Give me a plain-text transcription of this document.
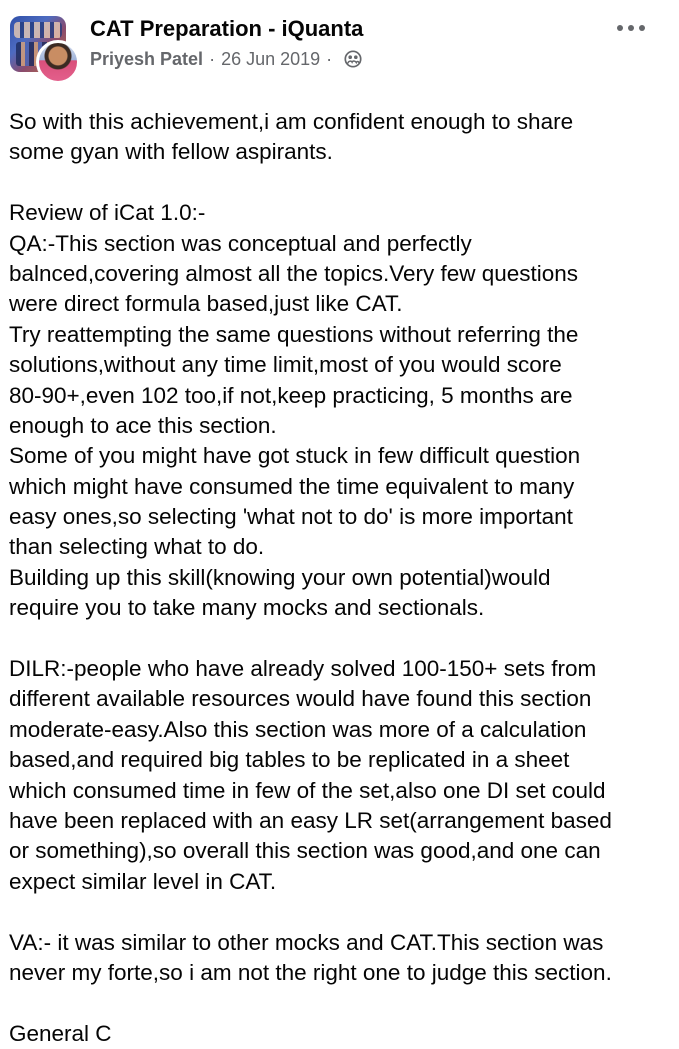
CAT Preparation - iQuanta
Priyesh Patel · 26 Jun 2019 ·

So with this achievement,i am confident enough to share
some gyan with fellow aspirants.
Review of iCat 1.0:-
QA:-This section was conceptual and perfectly
balnced,covering almost all the topics.Very few questions
were direct formula based,just like CAT.
Try reattempting the same questions without referring the
solutions,without any time limit,most of you would score
80-90+,even 102 too,if not,keep practicing, 5 months are
enough to ace this section.
Some of you might have got stuck in few difficult question
which might have consumed the time equivalent to many
easy ones,so selecting 'what not to do' is more important
than selecting what to do.
Building up this skill(knowing your own potential)would
require you to take many mocks and sectionals.
DILR:-people who have already solved 100-150+ sets from
different available resources would have found this section
moderate-easy.Also this section was more of a calculation
based,and required big tables to be replicated in a sheet
which consumed time in few of the set,also one DI set could
have been replaced with an easy LR set(arrangement based
or something),so overall this section was good,and one can
expect similar level in CAT.
VA:- it was similar to other mocks and CAT.This section was
never my forte,so i am not the right one to judge this section.
General C
